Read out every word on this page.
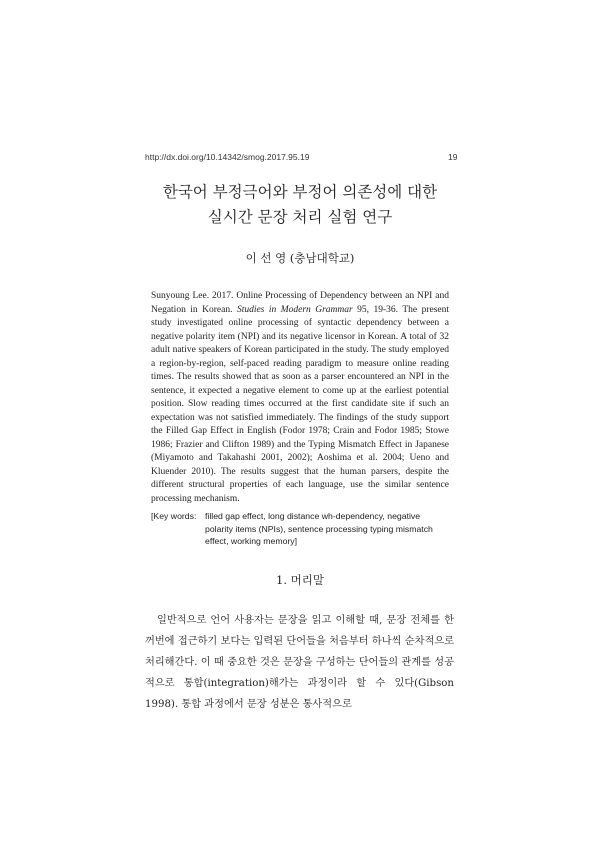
http://dx.doi.org/10.14342/smog.2017.95.19	19
한국어 부정극어와 부정어 의존성에 대한
실시간 문장 처리 실험 연구
이 선 영 (충남대학교)
Sunyoung Lee. 2017. Online Processing of Dependency between an NPI and Negation in Korean. Studies in Modern Grammar 95, 19-36. The present study investigated online processing of syntactic dependency between a negative polarity item (NPI) and its negative licensor in Korean. A total of 32 adult native speakers of Korean participated in the study. The study employed a region-by-region, self-paced reading paradigm to measure online reading times. The results showed that as soon as a parser encountered an NPI in the sentence, it expected a negative element to come up at the earliest potential position. Slow reading times occurred at the first candidate site if such an expectation was not satisfied immediately. The findings of the study support the Filled Gap Effect in English (Fodor 1978; Crain and Fodor 1985; Stowe 1986; Frazier and Clifton 1989) and the Typing Mismatch Effect in Japanese (Miyamoto and Takahashi 2001, 2002); Aoshima et al. 2004; Ueno and Kluender 2010). The results suggest that the human parsers, despite the different structural properties of each language, use the similar sentence processing mechanism.
[Key words: filled gap effect, long distance wh-dependency, negative polarity items (NPIs), sentence processing typing mismatch effect, working memory]
1. 머리말
일반적으로 언어 사용자는 문장을 읽고 이해할 때, 문장 전체를 한꺼번에 접근하기 보다는 입력된 단어들을 처음부터 하나씩 순차적으로 처리해간다. 이 때 중요한 것은 문장을 구성하는 단어들의 관계를 성공적으로 통합(integration)해가는 과정이라 할 수 있다(Gibson 1998). 통합 과정에서 문장 성분은 통사적으로
